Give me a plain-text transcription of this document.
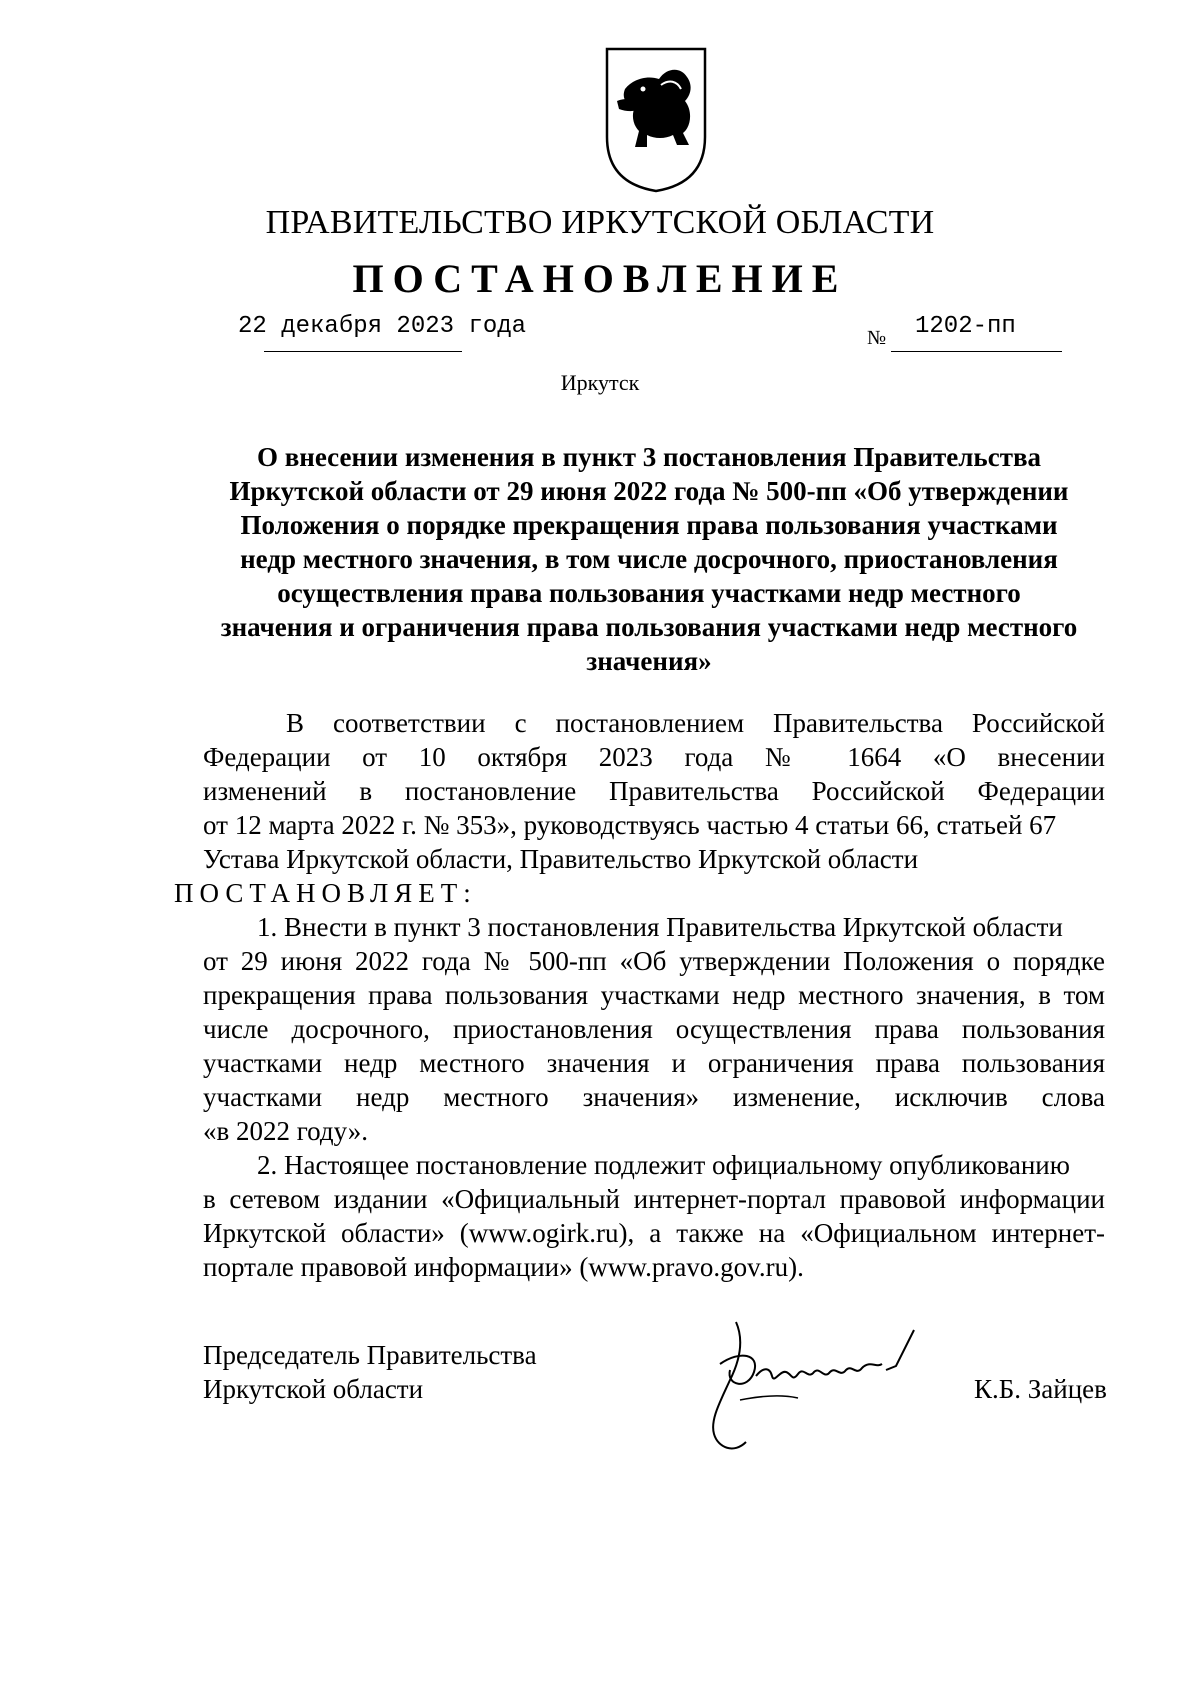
ПРАВИТЕЛЬСТВО ИРКУТСКОЙ ОБЛАСТИ
ПОСТАНОВЛЕНИЕ
22 декабря 2023 года	№ 1202-пп
Иркутск
О внесении изменения в пункт 3 постановления Правительства
Иркутской области от 29 июня 2022 года № 500-пп «Об утверждении
Положения о порядке прекращения права пользования участками
недр местного значения, в том числе досрочного, приостановления
осуществления права пользования участками недр местного
значения и ограничения права пользования участками недр местного
значения»
В соответствии с постановлением Правительства Российской
Федерации от 10 октября 2023 года № 1664 «О внесении
изменений в постановление Правительства Российской Федерации
от 12 марта 2022 г. № 353», руководствуясь частью 4 статьи 66, статьей 67
Устава Иркутской области, Правительство Иркутской области
ПОСТАНОВЛЯЕТ:
1. Внести в пункт 3 постановления Правительства Иркутской области
от 29 июня 2022 года № 500-пп «Об утверждении Положения о порядке
прекращения права пользования участками недр местного значения, в том
числе досрочного, приостановления осуществления права пользования
участками недр местного значения и ограничения права пользования
участками недр местного значения» изменение, исключив слова
«в 2022 году».
2. Настоящее постановление подлежит официальному опубликованию
в сетевом издании «Официальный интернет-портал правовой информации
Иркутской области» (www.ogirk.ru), а также на «Официальном интернет-
портале правовой информации» (www.pravo.gov.ru).
Председатель Правительства
Иркутской области	К.Б. Зайцев
